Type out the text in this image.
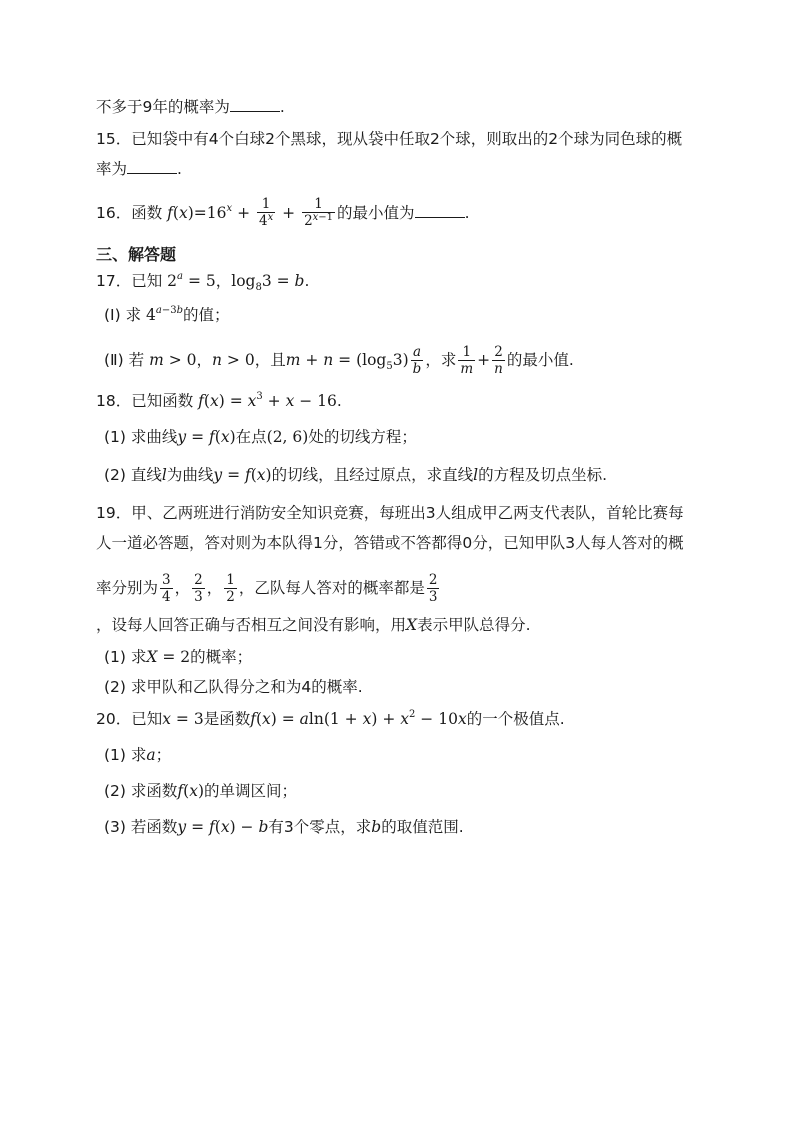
不多于9年的概率为	.
15．已知袋中有4个白球2个黑球，现从袋中任取2个球，则取出的2个球为同色球的概
率为	.
16．函数 $f(x)=16^x + \frac{1}{4^x} + \frac{1}{2^{x-1}}$ 的最小值为	.
三、解答题
17．已知 $2^a = 5$，$\log_83 = b$.
(Ⅰ) 求 $4^{a-3b}$的值；
(Ⅱ) 若 m > 0，n > 0，且$m + n = (\log_53) \frac{a}{b}$ ，求 $\frac{1}{m} + \frac{2}{n}$ 的最小值.
18．已知函数 $f(x) = x^3 + x - 16$.
(1) 求曲线y = f(x)在点(2, 6)处的切线方程；
(2) 直线l为曲线y = f(x)的切线，且经过原点，求直线l的方程及切点坐标.
19．甲、乙两班进行消防安全知识竞赛，每班出3人组成甲乙两支代表队，首轮比赛每
人一道必答题，答对则为本队得1分，答错或不答都得0分，已知甲队3人每人答对的概
率分别为 $\frac{3}{4}$ ， $\frac{2}{3}$ ， $\frac{1}{2}$ ，乙队每人答对的概率都是 $\frac{2}{3}$
，设每人回答正确与否相互之间没有影响，用X表示甲队总得分.
(1) 求X = 2的概率；
(2) 求甲队和乙队得分之和为4的概率.
20．已知x = 3是函数$f(x) = aln(1 + x) + x^2 - 10x$的一个极值点.
(1) 求a；
(2) 求函数f(x)的单调区间；
(3) 若函数y = f(x) − b有3个零点，求b的取值范围.
